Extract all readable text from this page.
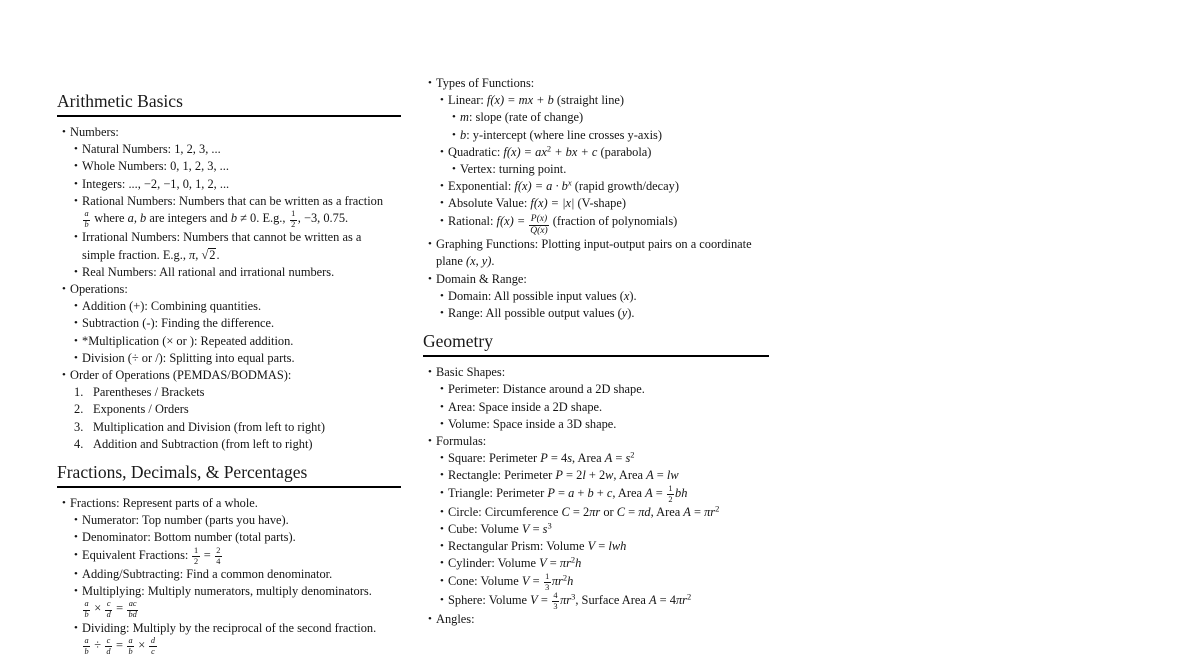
Arithmetic Basics
• Numbers:
• Natural Numbers: 1, 2, 3, ...
• Whole Numbers: 0, 1, 2, 3, ...
• Integers: ..., −2, −1, 0, 1, 2, ...
• Rational Numbers: Numbers that can be written as a fraction
$\frac{a}{b}$ where a, b are integers and b ≠ 0. E.g., $\frac{1}{2}$ , −3, 0.75.
• Irrational Numbers: Numbers that cannot be written as a
simple fraction. E.g., π, √2.
• Real Numbers: All rational and irrational numbers.
• Operations:
• Addition (+): Combining quantities.
• Subtraction (-): Finding the difference.
• *Multiplication (× or ): Repeated addition.
• Division (÷ or /): Splitting into equal parts.
• Order of Operations (PEMDAS/BODMAS):
1. Parentheses / Brackets
2. Exponents / Orders
3. Multiplication and Division (from left to right)
4. Addition and Subtraction (from left to right)
Fractions, Decimals, & Percentages
• Fractions: Represent parts of a whole.
• Numerator: Top number (parts you have).
• Denominator: Bottom number (total parts).
• Equivalent Fractions: $\frac{1}{2} = \frac{2}{4}$
• Adding/Subtracting: Find a common denominator.
• Multiplying: Multiply numerators, multiply denominators.
$\frac{a}{b} \times \frac{c}{d} = \frac{ac}{bd}$
• Dividing: Multiply by the reciprocal of the second fraction.
$\frac{a}{b} \div \frac{c}{d} = \frac{a}{b} \times \frac{d}{c}$
• Types of Functions:
• Linear: f(x) = mx + b (straight line)
• m: slope (rate of change)
• b: y-intercept (where line crosses y-axis)
• Quadratic: $f(x) = ax^2$ + bx + c (parabola)
• Vertex: turning point.
• Exponential: $f(x) = a \cdot b^x$ (rapid growth/decay)
• Absolute Value: f(x) = |x| (V-shape)
• Rational: $f(x) = \frac{P(x)}{Q(x)}$ (fraction of polynomials)
• Graphing Functions: Plotting input-output pairs on a coordinate
plane (x, y).
• Domain & Range:
• Domain: All possible input values (x).
• Range: All possible output values (y).
Geometry
• Basic Shapes:
• Perimeter: Distance around a 2D shape.
• Area: Space inside a 2D shape.
• Volume: Space inside a 3D shape.
• Formulas:
• Square: Perimeter P = 4s, Area $A = s^2$
• Rectangle: Perimeter P = 2l + 2w, Area A = lw
• Triangle: Perimeter P = a + b + c, Area $A = \frac{1}{2}$ bh
• Circle: Circumference C = 2πr or C = πd, Area $A = \pi r^2$
• Cube: Volume $V = s^3$
• Rectangular Prism: Volume V = lwh
• Cylinder: Volume $V = \pi r^2h$
• Cone: Volume $V = \frac{1}{3} \pi r^2h$
• Sphere: Volume $V = \frac{4}{3} \pi r^3$, Surface Area $A = 4\pi r^2$
• Angles:
